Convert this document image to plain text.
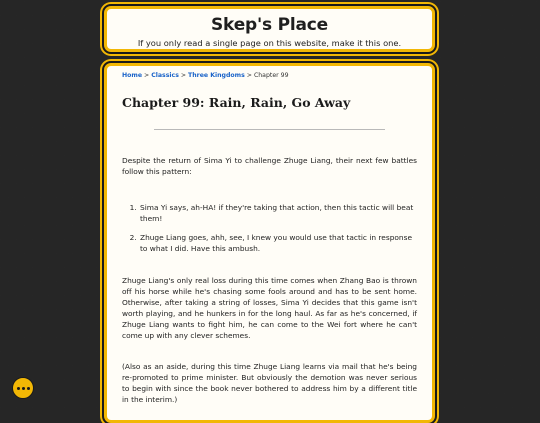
Skep's Place
If you only read a single page on this website, make it this one.
Home > Classics > Three Kingdoms > Chapter 99
Chapter 99: Rain, Rain, Go Away

Despite the return of Sima Yi to challenge Zhuge Liang, their next few battles follow this pattern:

1. Sima Yi says, ah-HA! if they're taking that action, then this tactic will beat them!
2. Zhuge Liang goes, ahh, see, I knew you would use that tactic in response to what I did. Have this ambush.

Zhuge Liang's only real loss during this time comes when Zhang Bao is thrown off his horse while he's chasing some fools around and has to be sent home. Otherwise, after taking a string of losses, Sima Yi decides that this game isn't worth playing, and he hunkers in for the long haul. As far as he's concerned, if Zhuge Liang wants to fight him, he can come to the Wei fort where he can't come up with any clever schemes.

(Also as an aside, during this time Zhuge Liang learns via mail that he's being re-promoted to prime minister. But obviously the demotion was never serious to begin with since the book never bothered to address him by a different title in the interim.)
